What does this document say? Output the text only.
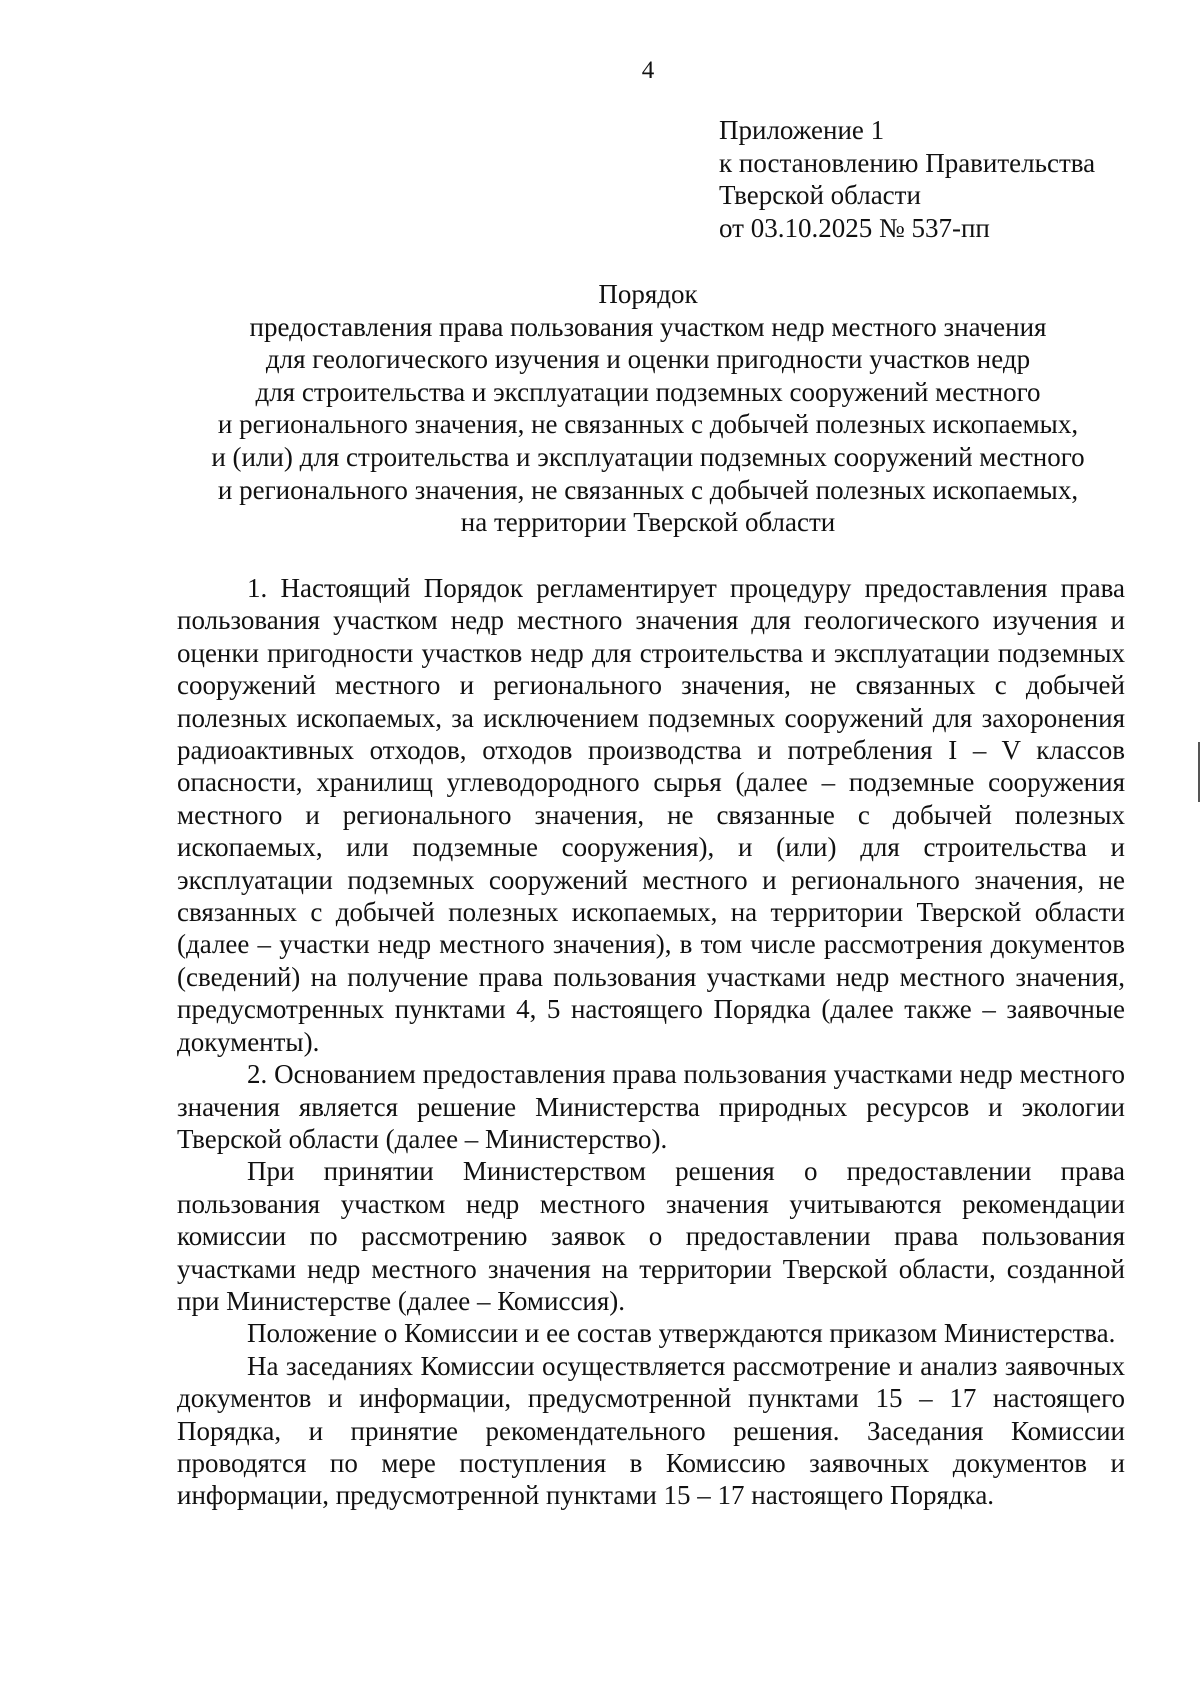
4
Приложение 1
к постановлению Правительства
Тверской области
от 03.10.2025 № 537-пп
Порядок
предоставления права пользования участком недр местного значения
для геологического изучения и оценки пригодности участков недр
для строительства и эксплуатации подземных сооружений местного
и регионального значения, не связанных с добычей полезных ископаемых,
и (или) для строительства и эксплуатации подземных сооружений местного
и регионального значения, не связанных с добычей полезных ископаемых,
на территории Тверской области

1. Настоящий Порядок регламентирует процедуру предоставления права пользования участком недр местного значения для геологического изучения и оценки пригодности участков недр для строительства и эксплуатации подземных сооружений местного и регионального значения, не связанных с добычей полезных ископаемых, за исключением подземных сооружений для захоронения радиоактивных отходов, отходов производства и потребления I – V классов опасности, хранилищ углеводородного сырья (далее – подземные сооружения местного и регионального значения, не связанные с добычей полезных ископаемых, или подземные сооружения), и (или) для строительства и эксплуатации подземных сооружений местного и регионального значения, не связанных с добычей полезных ископаемых, на территории Тверской области (далее – участки недр местного значения), в том числе рассмотрения документов (сведений) на получение права пользования участками недр местного значения, предусмотренных пунктами 4, 5 настоящего Порядка (далее также – заявочные документы).

2. Основанием предоставления права пользования участками недр местного значения является решение Министерства природных ресурсов и экологии Тверской области (далее – Министерство).

При принятии Министерством решения о предоставлении права пользования участком недр местного значения учитываются рекомендации комиссии по рассмотрению заявок о предоставлении права пользования участками недр местного значения на территории Тверской области, созданной при Министерстве (далее – Комиссия).

Положение о Комиссии и ее состав утверждаются приказом Министерства.

На заседаниях Комиссии осуществляется рассмотрение и анализ заявочных документов и информации, предусмотренной пунктами 15 – 17 настоящего Порядка, и принятие рекомендательного решения. Заседания Комиссии проводятся по мере поступления в Комиссию заявочных документов и информации, предусмотренной пунктами 15 – 17 настоящего Порядка.
